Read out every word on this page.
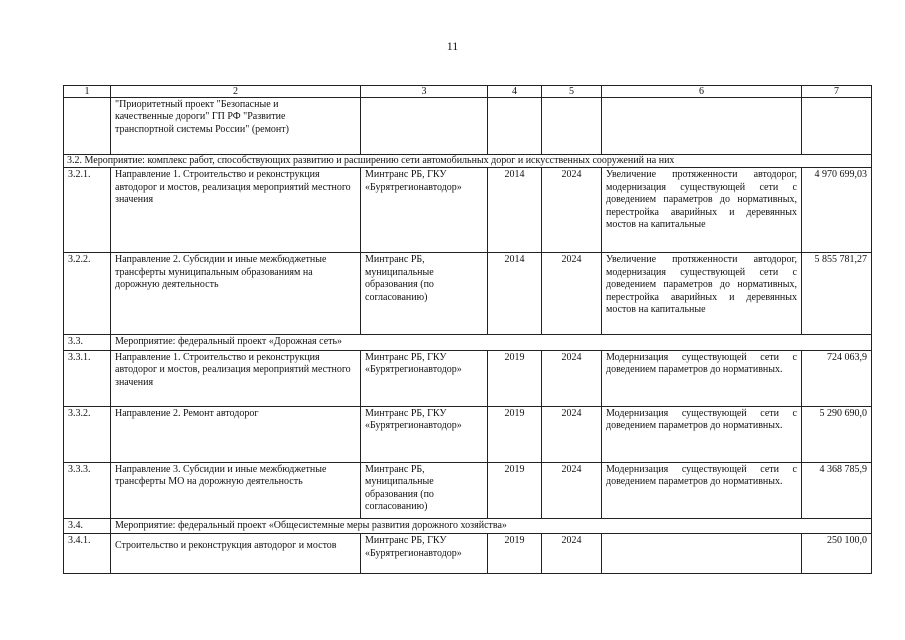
11
1	2	3	4	5	6	7
	"Приоритетный проект "Безопасные и качественные дороги" ГП РФ "Развитие транспортной системы России" (ремонт)					
3.2. Мероприятие: комплекс работ, способствующих развитию и расширению сети автомобильных дорог и искусственных сооружений на них						
3.2.1.	Направление 1. Строительство и реконструкция автодорог и мостов, реализация мероприятий местного значения	Минтранс РБ, ГКУ «Бурятрегионавтодор»	2014	2024	Увеличение протяженности автодорог, модернизация существующей сети с доведением параметров до нормативных, перестройка аварийных и деревянных мостов на капитальные	4 970 699,03
3.2.2.	Направление 2. Субсидии и иные межбюджетные трансферты муниципальным образованиям на дорожную деятельность	Минтранс РБ, муниципальные образования (по согласованию)	2014	2024	Увеличение протяженности автодорог, модернизация существующей сети с доведением параметров до нормативных, перестройка аварийных и деревянных мостов на капитальные	5 855 781,27
3.3.	Мероприятие: федеральный проект «Дорожная сеть»					
3.3.1.	Направление 1. Строительство и реконструкция автодорог и мостов, реализация мероприятий местного значения	Минтранс РБ, ГКУ «Бурятрегионавтодор»	2019	2024	Модернизация существующей сети с доведением параметров до нормативных.	724 063,9
3.3.2.	Направление 2. Ремонт автодорог	Минтранс РБ, ГКУ «Бурятрегионавтодор»	2019	2024	Модернизация существующей сети с доведением параметров до нормативных.	5 290 690,0
3.3.3.	Направление 3. Субсидии и иные межбюджетные трансферты МО на дорожную деятельность	Минтранс РБ, муниципальные образования (по согласованию)	2019	2024	Модернизация существующей сети с доведением параметров до нормативных.	4 368 785,9
3.4.	Мероприятие: федеральный проект «Общесистемные меры развития дорожного хозяйства»					
3.4.1.	Строительство и реконструкция автодорог и мостов	Минтранс РБ, ГКУ «Бурятрегионавтодор»	2019	2024		250 100,0
